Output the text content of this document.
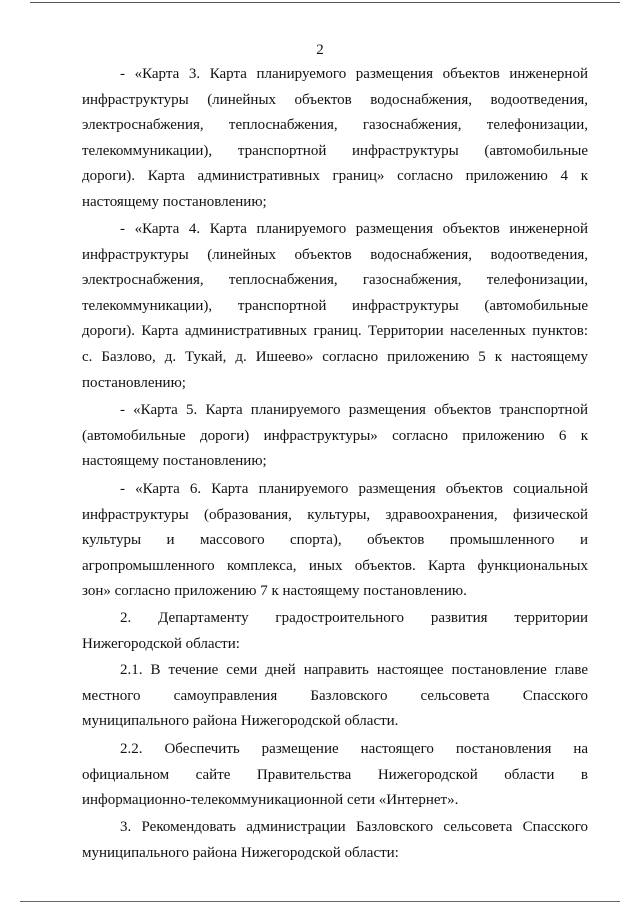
2
- «Карта 3. Карта планируемого размещения объектов инженерной
инфраструктуры (линейных объектов водоснабжения, водоотведения,
электроснабжения, теплоснабжения, газоснабжения, телефонизации,
телекоммуникации), транспортной инфраструктуры (автомобильные
дороги). Карта административных границ» согласно приложению 4 к
настоящему постановлению;
- «Карта 4. Карта планируемого размещения объектов инженерной
инфраструктуры (линейных объектов водоснабжения, водоотведения,
электроснабжения, теплоснабжения, газоснабжения, телефонизации,
телекоммуникации), транспортной инфраструктуры (автомобильные
дороги). Карта административных границ. Территории населенных пунктов:
с. Базлово, д. Тукай, д. Ишеево» согласно приложению 5 к настоящему
постановлению;
- «Карта 5. Карта планируемого размещения объектов транспортной
(автомобильные дороги) инфраструктуры» согласно приложению 6 к
настоящему постановлению;
- «Карта 6. Карта планируемого размещения объектов социальной
инфраструктуры (образования, культуры, здравоохранения, физической
культуры и массового спорта), объектов промышленного и
агропромышленного комплекса, иных объектов. Карта функциональных
зон» согласно приложению 7 к настоящему постановлению.
2. Департаменту градостроительного развития территории
Нижегородской области:
2.1. В течение семи дней направить настоящее постановление главе
местного самоуправления Базловского сельсовета Спасского
муниципального района Нижегородской области.
2.2. Обеспечить размещение настоящего постановления на
официальном сайте Правительства Нижегородской области в
информационно-телекоммуникационной сети «Интернет».
3. Рекомендовать администрации Базловского сельсовета Спасского
муниципального района Нижегородской области:
